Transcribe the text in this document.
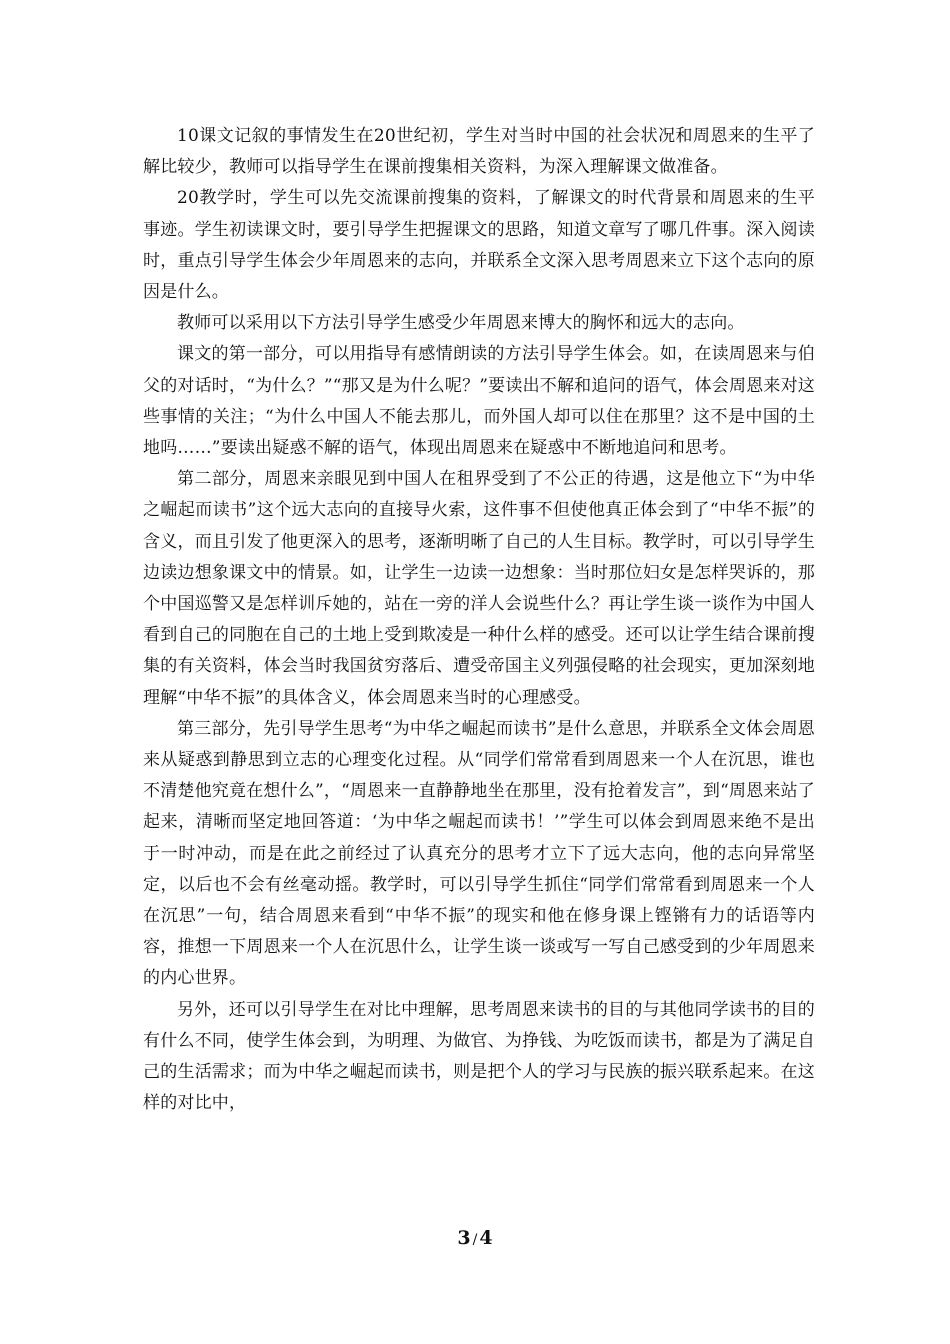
10课文记叙的事情发生在20世纪初，学生对当时中国的社会状况和周恩来的生平了解比较少，教师可以指导学生在课前搜集相关资料，为深入理解课文做准备。

20教学时，学生可以先交流课前搜集的资料，了解课文的时代背景和周恩来的生平事迹。学生初读课文时，要引导学生把握课文的思路，知道文章写了哪几件事。深入阅读时，重点引导学生体会少年周恩来的志向，并联系全文深入思考周恩来立下这个志向的原因是什么。

教师可以采用以下方法引导学生感受少年周恩来博大的胸怀和远大的志向。

课文的第一部分，可以用指导有感情朗读的方法引导学生体会。如，在读周恩来与伯父的对话时，“为什么？”“那又是为什么呢？”要读出不解和追问的语气，体会周恩来对这些事情的关注；“为什么中国人不能去那儿，而外国人却可以住在那里？这不是中国的土地吗……”要读出疑惑不解的语气，体现出周恩来在疑惑中不断地追问和思考。

第二部分，周恩来亲眼见到中国人在租界受到了不公正的待遇，这是他立下“为中华之崛起而读书”这个远大志向的直接导火索，这件事不但使他真正体会到了“中华不振”的含义，而且引发了他更深入的思考，逐渐明晰了自己的人生目标。教学时，可以引导学生边读边想象课文中的情景。如，让学生一边读一边想象：当时那位妇女是怎样哭诉的，那个中国巡警又是怎样训斥她的，站在一旁的洋人会说些什么？再让学生谈一谈作为中国人看到自己的同胞在自己的土地上受到欺凌是一种什么样的感受。还可以让学生结合课前搜集的有关资料，体会当时我国贫穷落后、遭受帝国主义列强侵略的社会现实，更加深刻地理解“中华不振”的具体含义，体会周恩来当时的心理感受。

第三部分，先引导学生思考“为中华之崛起而读书”是什么意思，并联系全文体会周恩来从疑惑到静思到立志的心理变化过程。从“同学们常常看到周恩来一个人在沉思，谁也不清楚他究竟在想什么”，“周恩来一直静静地坐在那里，没有抢着发言”，到“周恩来站了起来，清晰而坚定地回答道：‘为中华之崛起而读书！’”学生可以体会到周恩来绝不是出于一时冲动，而是在此之前经过了认真充分的思考才立下了远大志向，他的志向异常坚定，以后也不会有丝毫动摇。教学时，可以引导学生抓住“同学们常常看到周恩来一个人在沉思”一句，结合周恩来看到“中华不振”的现实和他在修身课上铿锵有力的话语等内容，推想一下周恩来一个人在沉思什么，让学生谈一谈或写一写自己感受到的少年周恩来的内心世界。

另外，还可以引导学生在对比中理解，思考周恩来读书的目的与其他同学读书的目的有什么不同，使学生体会到，为明理、为做官、为挣钱、为吃饭而读书，都是为了满足自己的生活需求；而为中华之崛起而读书，则是把个人的学习与民族的振兴联系起来。在这样的对比中，

3 / 4
